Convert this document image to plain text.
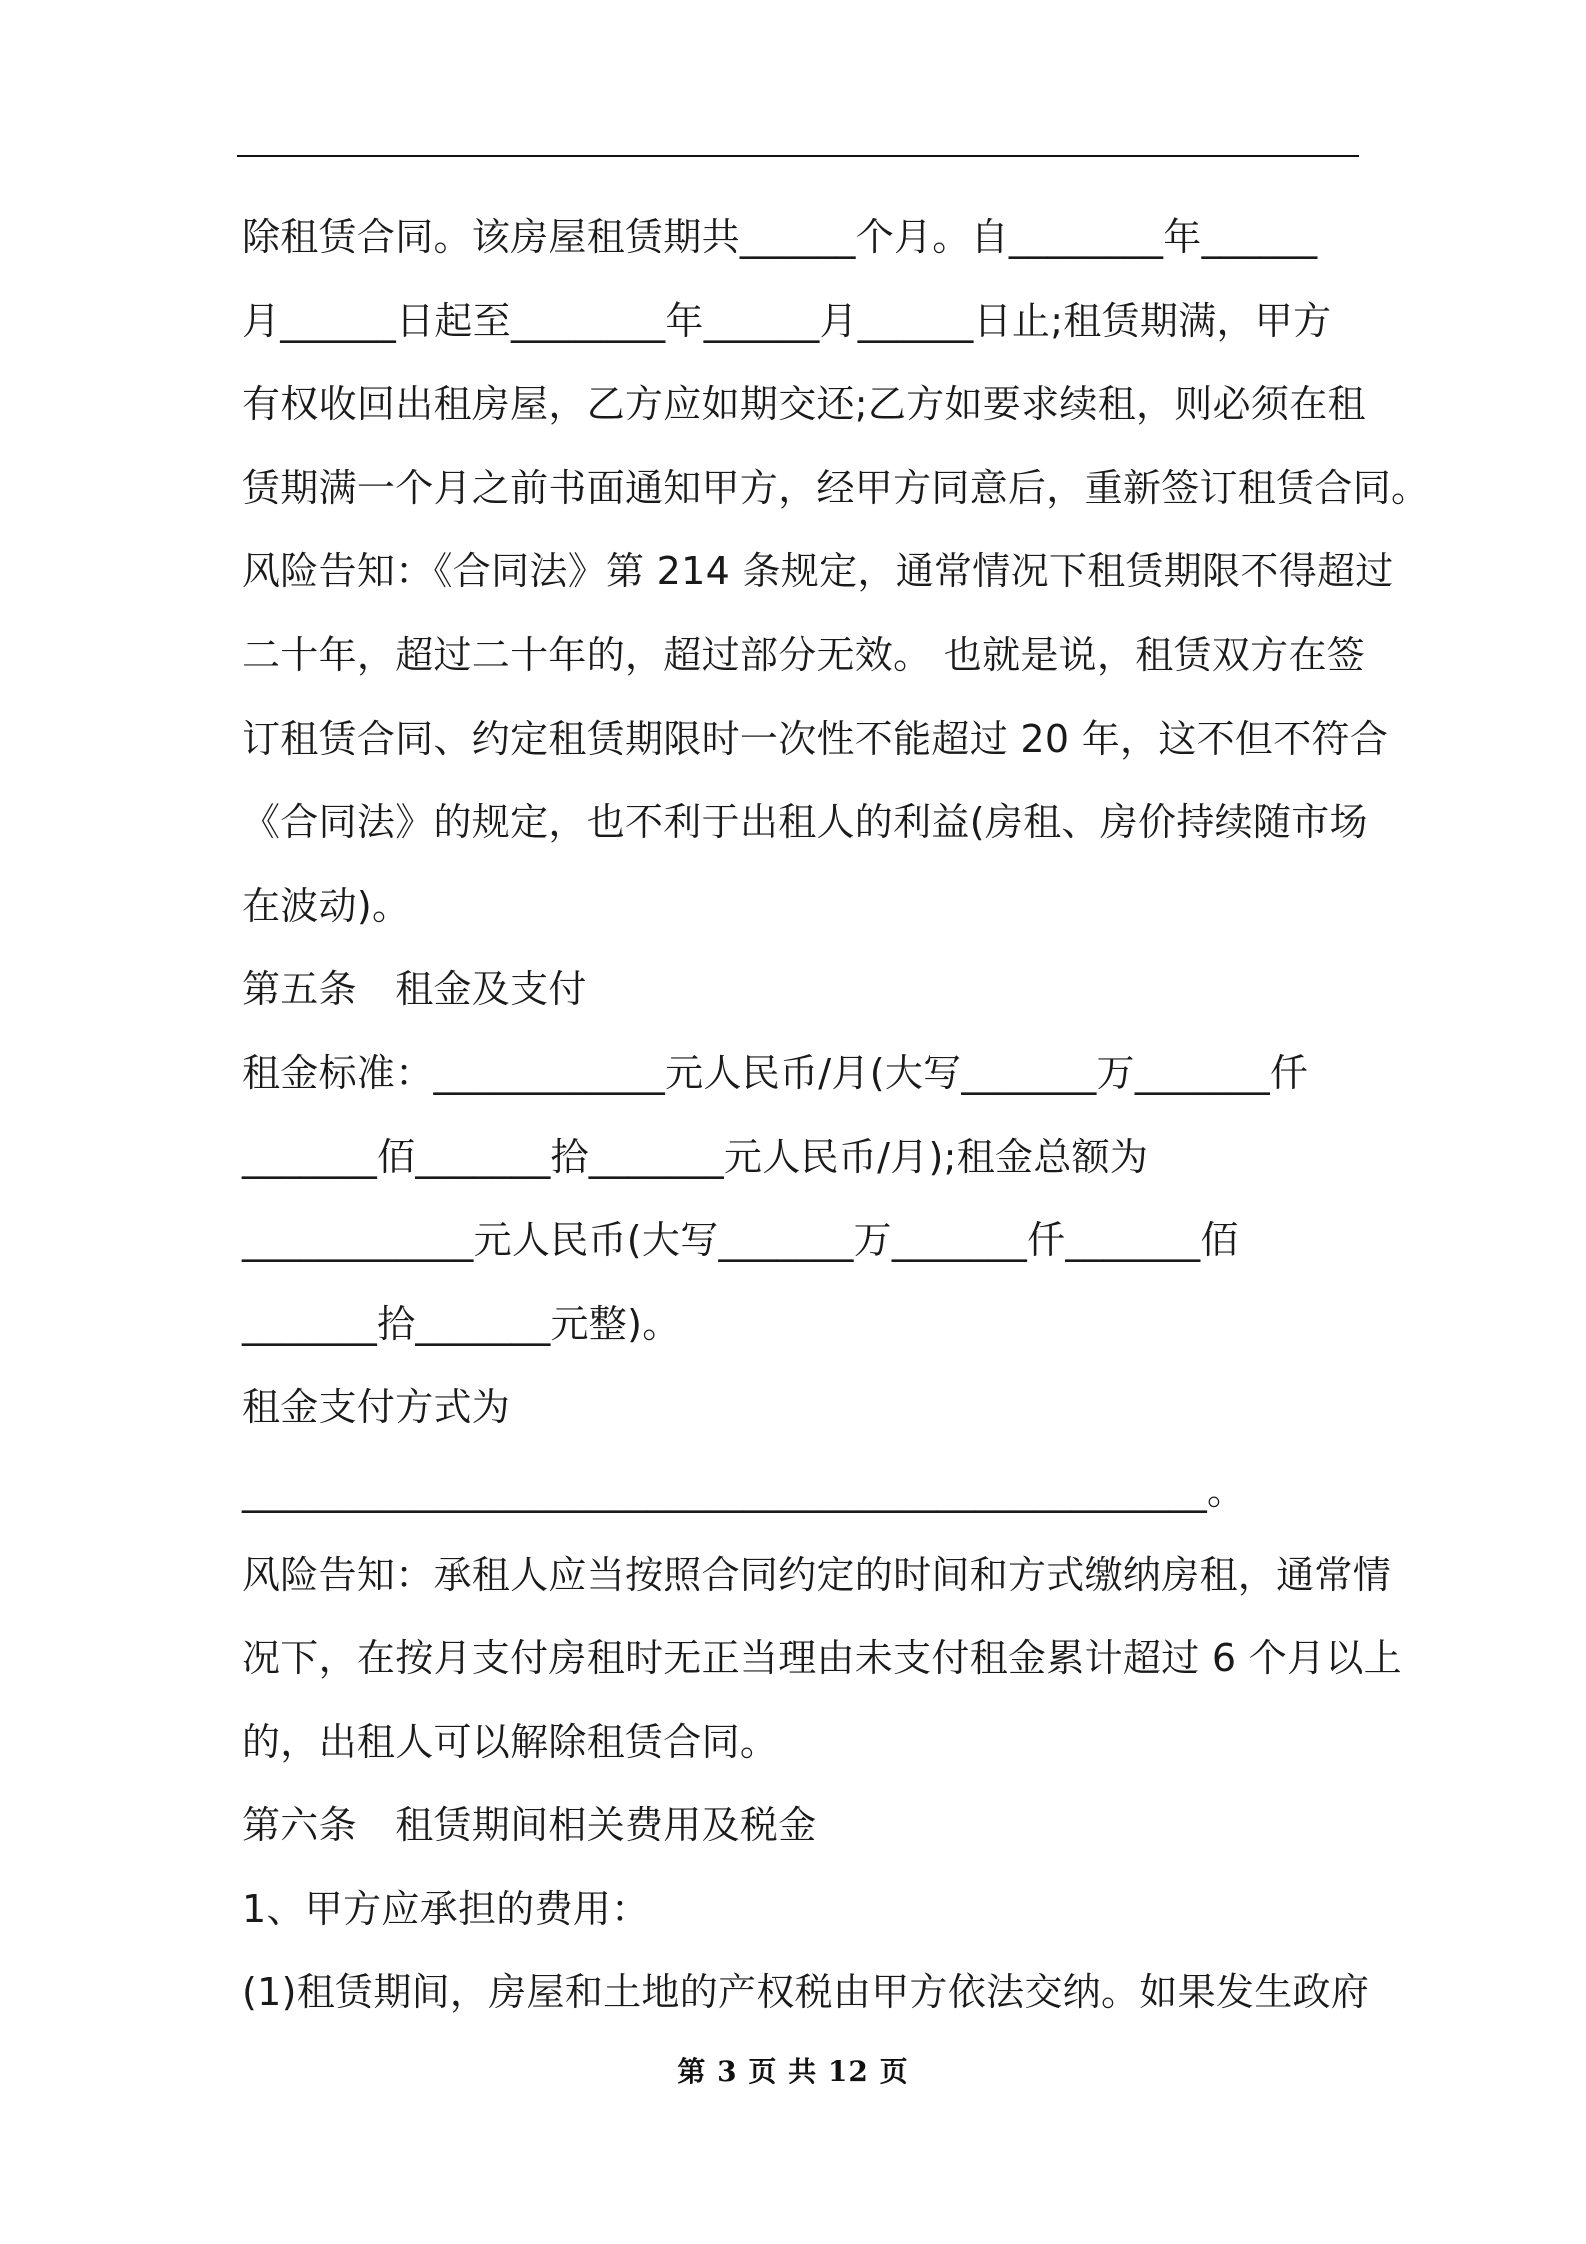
除租赁合同。该房屋租赁期共______个月。自________年______
月______日起至________年______月______日止;租赁期满，甲方
有权收回出租房屋，乙方应如期交还;乙方如要求续租，则必须在租
赁期满一个月之前书面通知甲方，经甲方同意后，重新签订租赁合同。
风险告知：《合同法》第 214 条规定，通常情况下租赁期限不得超过
二十年，超过二十年的，超过部分无效。 也就是说，租赁双方在签
订租赁合同、约定租赁期限时一次性不能超过 20 年，这不但不符合
《合同法》的规定，也不利于出租人的利益(房租、房价持续随市场
在波动)。
第五条　租金及支付
租金标准：____________元人民币/月(大写_______万_______仟
_______佰_______拾_______元人民币/月);租金总额为
____________元人民币(大写_______万_______仟_______佰
_______拾_______元整)。
租金支付方式为
__________________________________________________。
风险告知：承租人应当按照合同约定的时间和方式缴纳房租，通常情
况下，在按月支付房租时无正当理由未支付租金累计超过 6 个月以上
的，出租人可以解除租赁合同。
第六条　租赁期间相关费用及税金
1、甲方应承担的费用：
(1)租赁期间，房屋和土地的产权税由甲方依法交纳。如果发生政府
第 3 页 共 12 页
